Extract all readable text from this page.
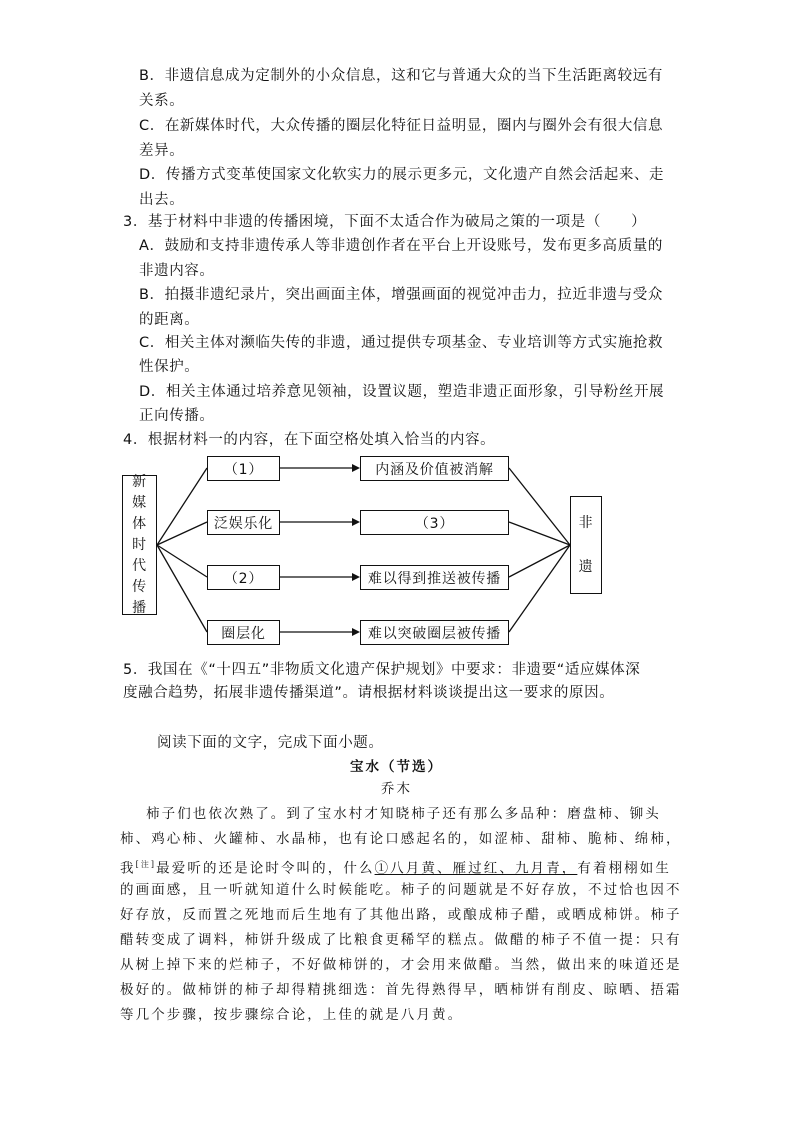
B．非遗信息成为定制外的小众信息，这和它与普通大众的当下生活距离较远有
关系。
C．在新媒体时代，大众传播的圈层化特征日益明显，圈内与圈外会有很大信息
差异。
D．传播方式变革使国家文化软实力的展示更多元，文化遗产自然会活起来、走
出去。
3．基于材料中非遗的传播困境，下面不太适合作为破局之策的一项是（　　）
A．鼓励和支持非遗传承人等非遗创作者在平台上开设账号，发布更多高质量的
非遗内容。
B．拍摄非遗纪录片，突出画面主体，增强画面的视觉冲击力，拉近非遗与受众
的距离。
C．相关主体对濒临失传的非遗，通过提供专项基金、专业培训等方式实施抢救
性保护。
D．相关主体通过培养意见领袖，设置议题，塑造非遗正面形象，引导粉丝开展
正向传播。
4．根据材料一的内容，在下面空格处填入恰当的内容。
新
媒
体
时
代
传
播
（1）
泛娱乐化
（2）
圈层化
内涵及价值被消解
（3）
难以得到推送被传播
难以突破圈层被传播
非
遗
5．我国在《“十四五”非物质文化遗产保护规划》中要求：非遗要“适应媒体深
度融合趋势，拓展非遗传播渠道”。请根据材料谈谈提出这一要求的原因。
阅读下面的文字，完成下面小题。
宝水（节选）
乔木
柿子们也依次熟了。到了宝水村才知晓柿子还有那么多品种：磨盘柿、铆头
柿、鸡心柿、火罐柿、水晶柿，也有论口感起名的，如涩柿、甜柿、脆柿、绵柿，
我[注]最爱听的还是论时令叫的，什么①八月黄、雁过红、九月青，有着栩栩如生
的画面感，且一听就知道什么时候能吃。柿子的问题就是不好存放，不过恰也因不
好存放，反而置之死地而后生地有了其他出路，或酿成柿子醋，或晒成柿饼。柿子
醋转变成了调料，柿饼升级成了比粮食更稀罕的糕点。做醋的柿子不值一提：只有
从树上掉下来的烂柿子，不好做柿饼的，才会用来做醋。当然，做出来的味道还是
极好的。做柿饼的柿子却得精挑细选：首先得熟得早，晒柿饼有削皮、晾晒、捂霜
等几个步骤，按步骤综合论，上佳的就是八月黄。
